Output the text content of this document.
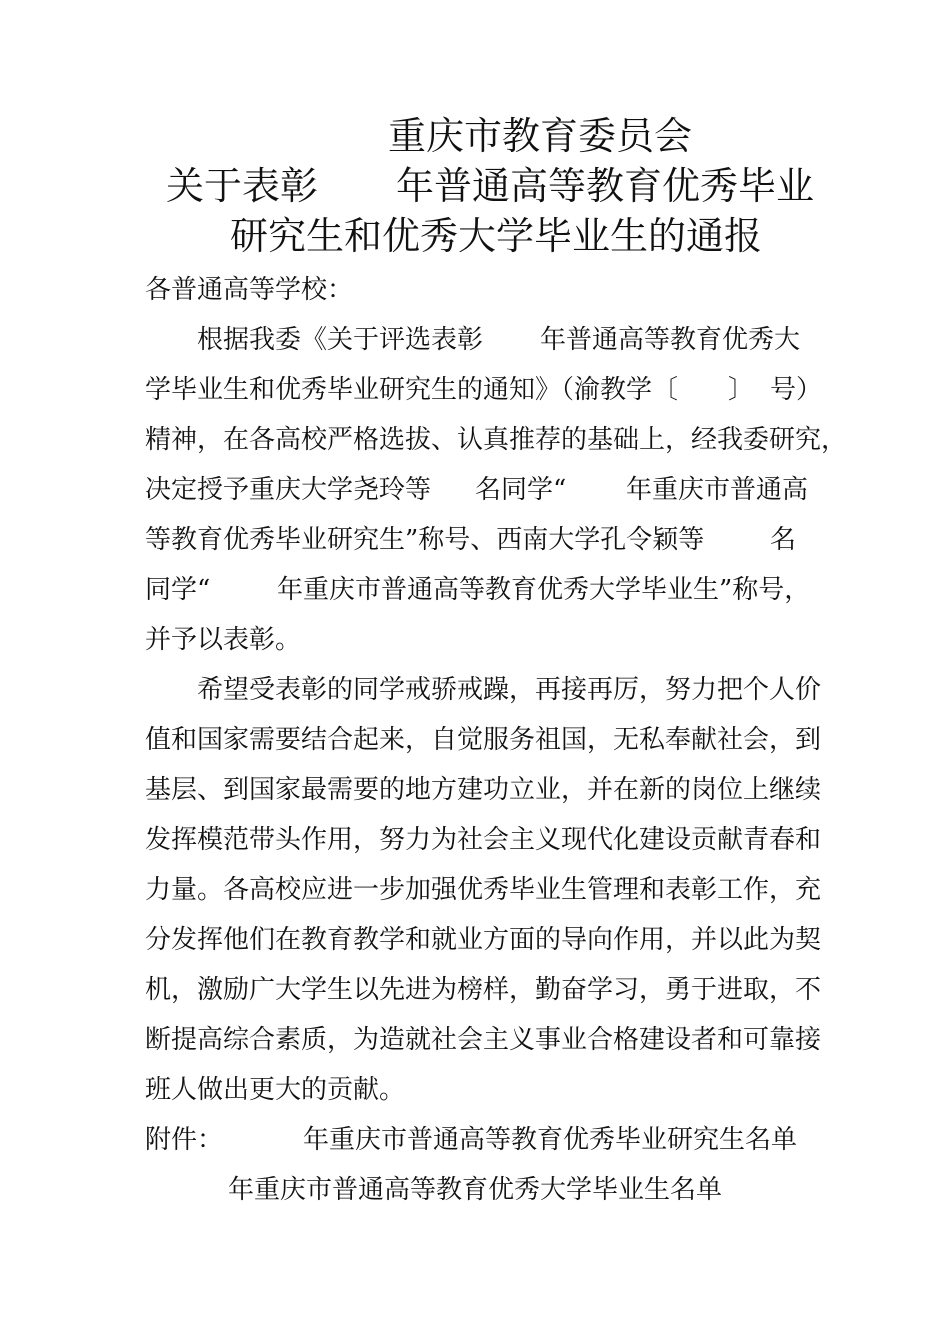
重庆市教育委员会
关于表彰 年普通高等教育优秀毕业
研究生和优秀大学毕业生的通报
各普通高等学校：
根据我委《关于评选表彰 年普通高等教育优秀大
学毕业生和优秀毕业研究生的通知》（渝教学〔 〕 号）
精神，在各高校严格选拔、认真推荐的基础上，经我委研究，
决定授予重庆大学尧玲等 名同学“ 年重庆市普通高
等教育优秀毕业研究生”称号、西南大学孔令颖等	名
同学“	年重庆市普通高等教育优秀大学毕业生”称号，
并予以表彰。
希望受表彰的同学戒骄戒躁，再接再厉，努力把个人价
值和国家需要结合起来，自觉服务祖国，无私奉献社会，到
基层、到国家最需要的地方建功立业，并在新的岗位上继续
发挥模范带头作用，努力为社会主义现代化建设贡献青春和
力量。各高校应进一步加强优秀毕业生管理和表彰工作，充
分发挥他们在教育教学和就业方面的导向作用，并以此为契
机，激励广大学生以先进为榜样，勤奋学习，勇于进取，不
断提高综合素质，为造就社会主义事业合格建设者和可靠接
班人做出更大的贡献。
附件：	年重庆市普通高等教育优秀毕业研究生名单
年重庆市普通高等教育优秀大学毕业生名单
